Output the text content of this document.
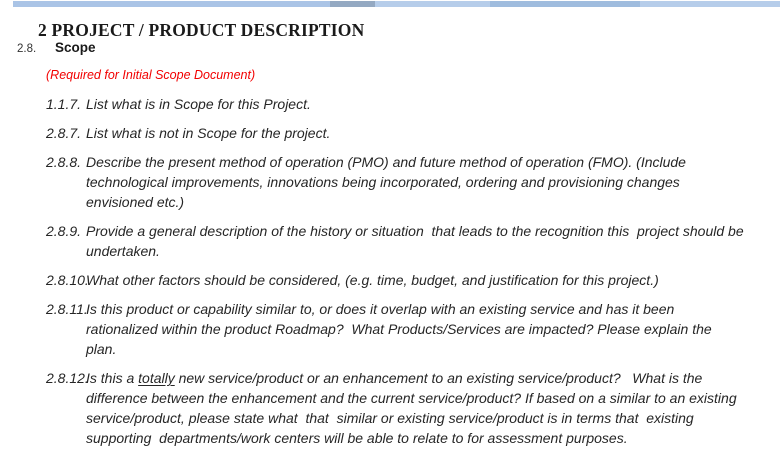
2 PROJECT / PRODUCT DESCRIPTION
2.8. Scope
(Required for Initial Scope Document)
1.1.7. List what is in Scope for this Project.
2.8.7. List what is not in Scope for the project.
2.8.8. Describe the present method of operation (PMO) and future method of operation (FMO). (Include
technological improvements, innovations being incorporated, ordering and provisioning changes
envisioned etc.)
2.8.9. Provide a general description of the history or situation  that leads to the recognition this  project should be
undertaken.
2.8.10.
What other factors should be considered, (e.g. time, budget, and justification for this project.)
2.8.11.
Is this product or capability similar to, or does it overlap with an existing service and has it been
rationalized within the product Roadmap?  What Products/Services are impacted? Please explain the
plan.
2.8.12.
Is this a totally new service/product or an enhancement to an existing service/product?   What is the
difference between the enhancement and the current service/product? If based on a similar to an existing
service/product, please state what  that  similar or existing service/product is in terms that  existing
supporting  departments/work centers will be able to relate to for assessment purposes.
